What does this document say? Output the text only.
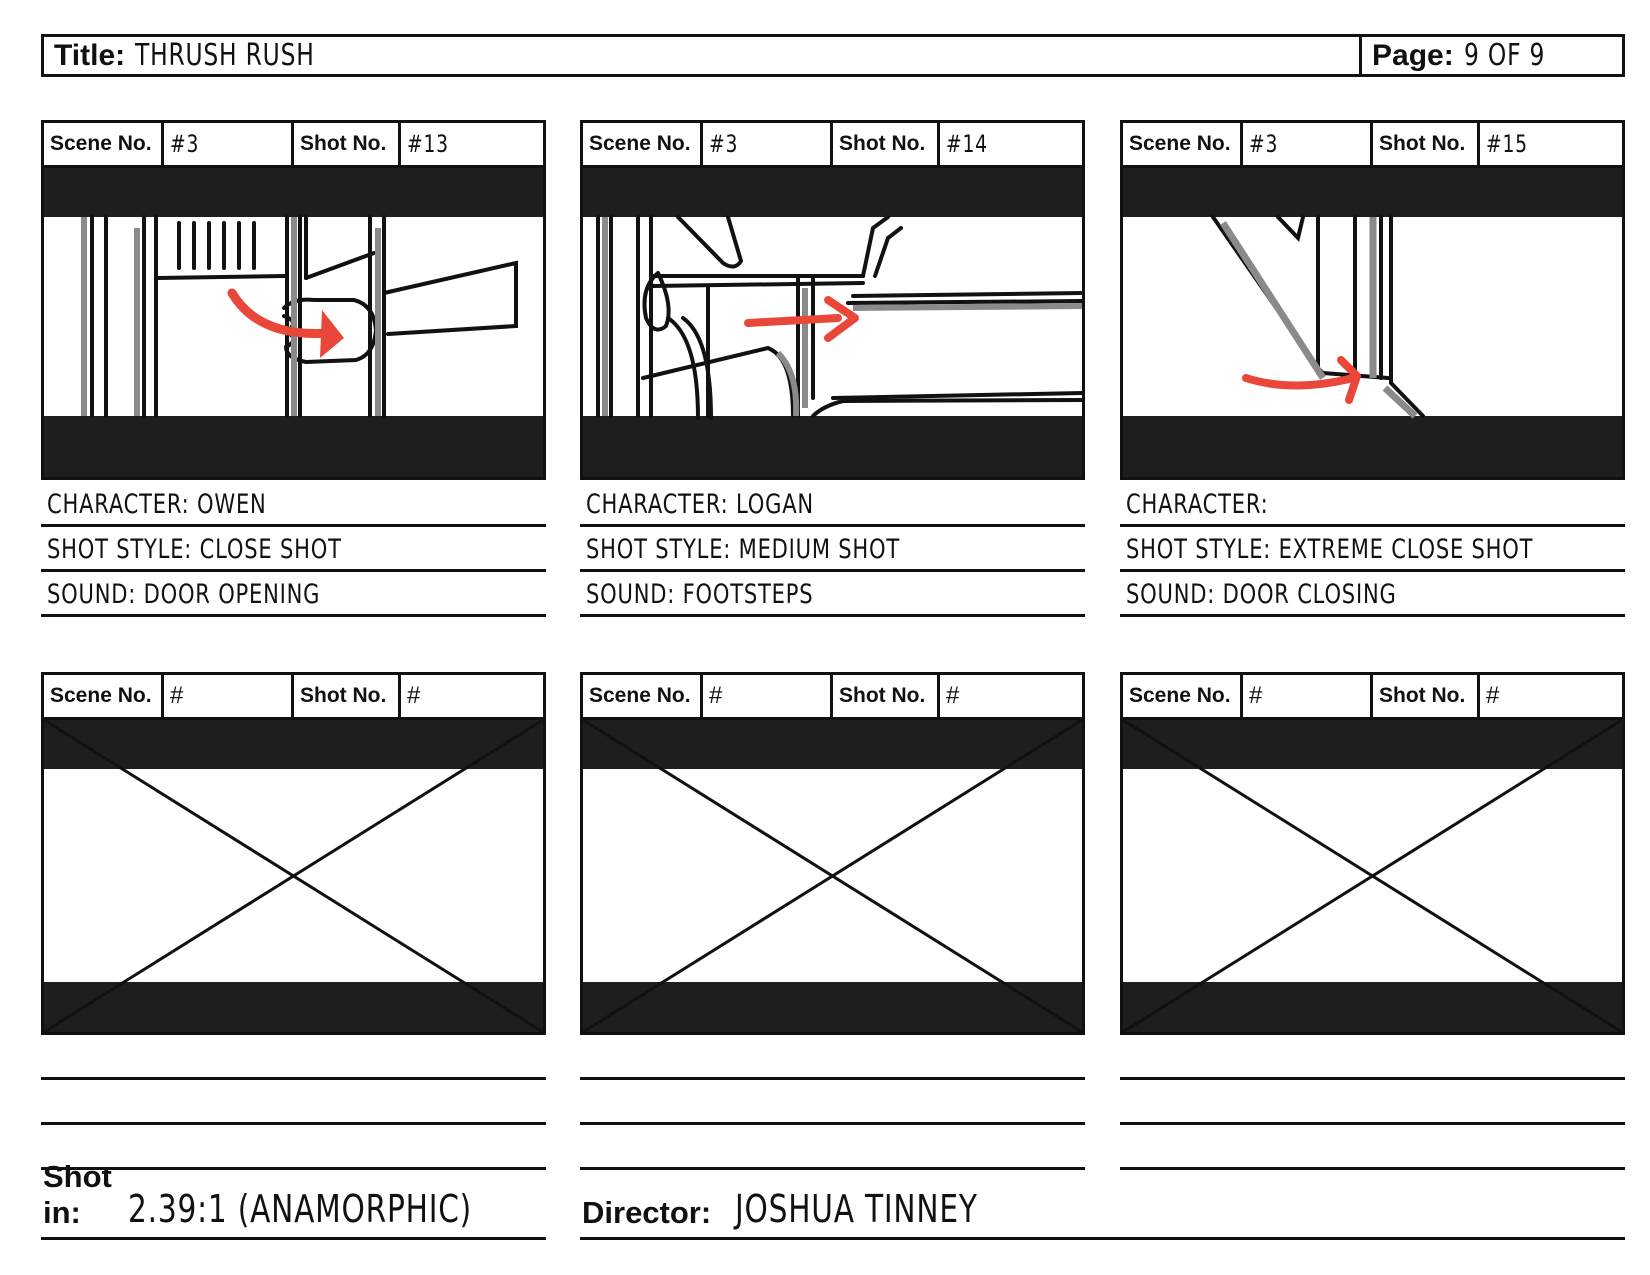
Title: THRUSH RUSH	Page: 9 OF 9
Scene No. #3	Shot No. #13
CHARACTER: OWEN
SHOT STYLE: CLOSE SHOT
SOUND: DOOR OPENING
Scene No. #3	Shot No. #14
CHARACTER: LOGAN
SHOT STYLE: MEDIUM SHOT
SOUND: FOOTSTEPS
Scene No. #3	Shot No. #15
CHARACTER:
SHOT STYLE: EXTREME CLOSE SHOT
SOUND: DOOR CLOSING
Scene No. #	Shot No. #	Scene No. #	Shot No. #	Scene No. #	Shot No. #
Shot in:	2.39:1 (ANAMORPHIC)	Director: JOSHUA TINNEY
